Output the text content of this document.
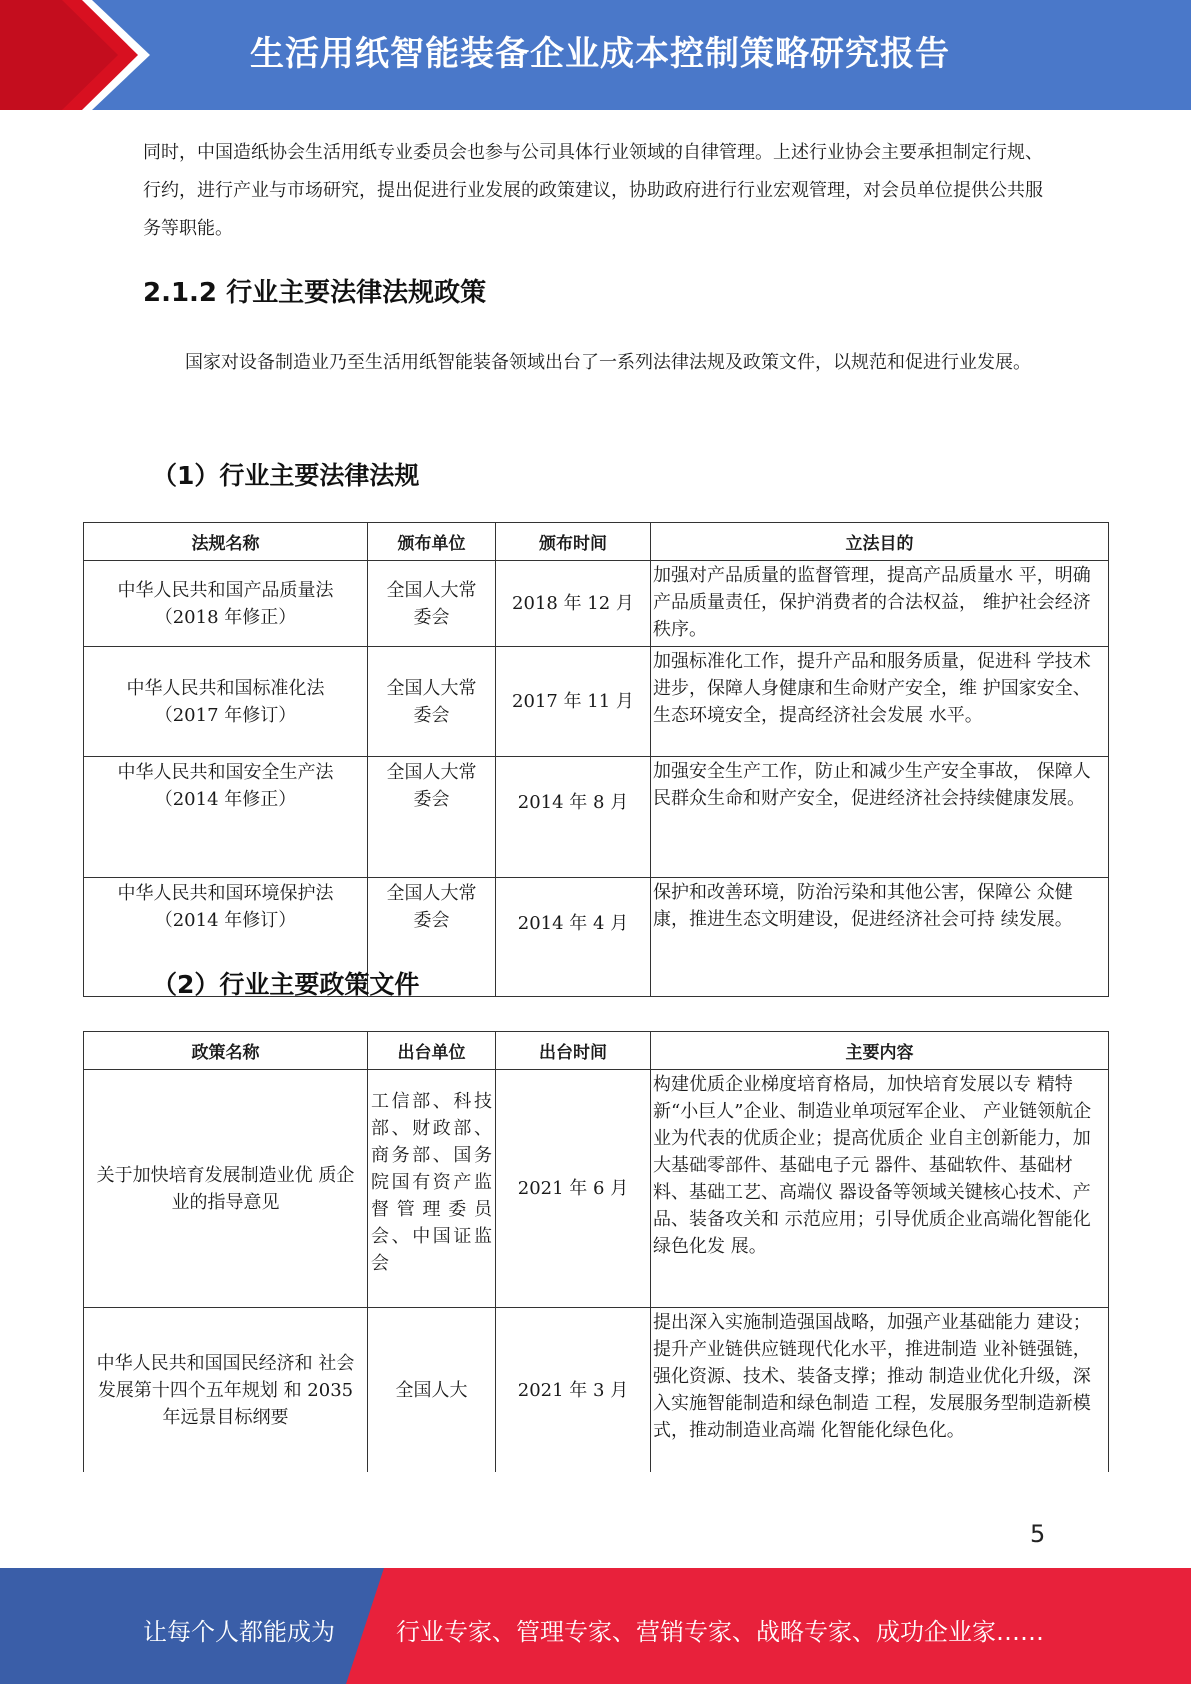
生活用纸智能装备企业成本控制策略研究报告
同时，中国造纸协会生活用纸专业委员会也参与公司具体行业领域的自律管理。上述行业协会主要承担制定行规、行约，进行产业与市场研究，提出促进行业发展的政策建议，协助政府进行行业宏观管理，对会员单位提供公共服务等职能。
2.1.2 行业主要法律法规政策
国家对设备制造业乃至生活用纸智能装备领域出台了一系列法律法规及政策文件，以规范和促进行业发展。
（1）行业主要法律法规
法规名称	颁布单位	颁布时间	立法目的

中华人民共和国产品质量法
（2018 年修正）	全国人大常委会	2018 年 12 月	加强对产品质量的监督管理，提高产品质量水 平，明确产品质量责任，保护消费者的合法权益， 维护社会经济秩序。

中华人民共和国标准化法
（2017 年修订）	全国人大常委会	2017 年 11 月	加强标准化工作，提升产品和服务质量，促进科 学技术进步，保障人身健康和生命财产安全，维 护国家安全、生态环境安全，提高经济社会发展 水平。

中华人民共和国安全生产法
（2014 年修正）	全国人大常委会	2014 年 8 月	加强安全生产工作，防止和减少生产安全事故， 保障人民群众生命和财产安全，促进经济社会持续健康发展。

中华人民共和国环境保护法
（2014 年修订）	全国人大常委会	2014 年 4 月	保护和改善环境，防治污染和其他公害，保障公 众健康，推进生态文明建设，促进经济社会可持 续发展。
（2）行业主要政策文件
政策名称	出台单位	出台时间	主要内容
关于加快培育发展制造业优 质企业的指导意见	工信部、科技部、财政部、商务部、国务院国有资产监督管理委员会、中国证监会	2021 年 6 月	构建优质企业梯度培育格局，加快培育发展以专 精特新“小巨人”企业、制造业单项冠军企业、 产业链领航企业为代表的优质企业；提高优质企 业自主创新能力，加大基础零部件、基础电子元 器件、基础软件、基础材料、基础工艺、高端仪 器设备等领域关键核心技术、产品、装备攻关和 示范应用；引导优质企业高端化智能化绿色化发 展。
中华人民共和国国民经济和 社会发展第十四个五年规划 和 2035 年远景目标纲要	全国人大	2021 年 3 月	提出深入实施制造强国战略，加强产业基础能力 建设；提升产业链供应链现代化水平，推进制造 业补链强链，强化资源、技术、装备支撑；推动 制造业优化升级，深入实施智能制造和绿色制造 工程，发展服务型制造新模式，推动制造业高端 化智能化绿色化。
5
让每个人都能成为	行业专家、管理专家、营销专家、战略专家、成功企业家……
